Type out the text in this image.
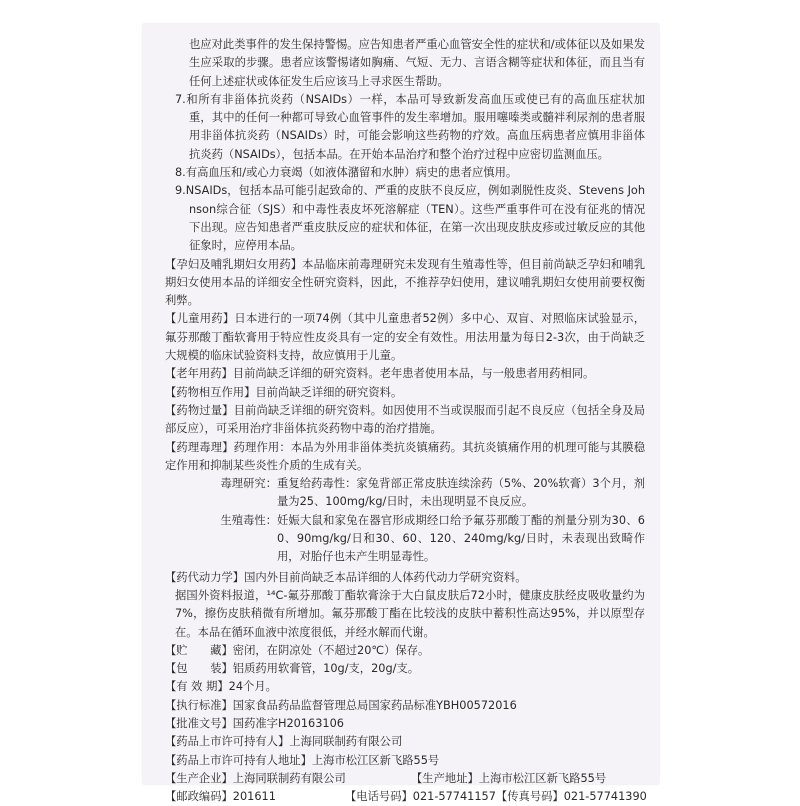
也应对此类事件的发生保持警惕。应告知患者严重心血管安全性的症状和/或体征以及如果发生应采取的步骤。患者应该警惕诸如胸痛、气短、无力、言语含糊等症状和体征，而且当有任何上述症状或体征发生后应该马上寻求医生帮助。

7.和所有非甾体抗炎药（NSAIDs）一样，本品可导致新发高血压或使已有的高血压症状加重，其中的任何一种都可导致心血管事件的发生率增加。服用噻嗪类或髓袢利尿剂的患者服用非甾体抗炎药（NSAIDs）时，可能会影响这些药物的疗效。高血压病患者应慎用非甾体抗炎药（NSAIDs），包括本品。在开始本品治疗和整个治疗过程中应密切监测血压。

8.有高血压和/或心力衰竭（如液体潴留和水肿）病史的患者应慎用。

9.NSAIDs，包括本品可能引起致命的、严重的皮肤不良反应，例如剥脱性皮炎、Stevens Johnson综合征（SJS）和中毒性表皮坏死溶解症（TEN）。这些严重事件可在没有征兆的情况下出现。应告知患者严重皮肤反应的症状和体征，在第一次出现皮肤皮疹或过敏反应的其他征象时，应停用本品。

【孕妇及哺乳期妇女用药】本品临床前毒理研究未发现有生殖毒性等，但目前尚缺乏孕妇和哺乳期妇女使用本品的详细安全性研究资料，因此，不推荐孕妇使用，建议哺乳期妇女使用前要权衡利弊。

【儿童用药】日本进行的一项74例（其中儿童患者52例）多中心、双盲、对照临床试验显示，氟芬那酸丁酯软膏用于特应性皮炎具有一定的安全有效性。用法用量为每日2-3次，由于尚缺乏大规模的临床试验资料支持，故应慎用于儿童。

【老年用药】目前尚缺乏详细的研究资料。老年患者使用本品，与一般患者用药相同。

【药物相互作用】目前尚缺乏详细的研究资料。

【药物过量】目前尚缺乏详细的研究资料。如因使用不当或误服而引起不良反应（包括全身及局部反应），可采用治疗非甾体抗炎药物中毒的治疗措施。

【药理毒理】药理作用：本品为外用非甾体类抗炎镇痛药。其抗炎镇痛作用的机理可能与其膜稳定作用和抑制某些炎性介质的生成有关。

毒理研究： 重复给药毒性：家兔背部正常皮肤连续涂药（5%、20%软膏）3个月，剂量为25、100mg/kg/日时，未出现明显不良反应。
生殖毒性： 妊娠大鼠和家兔在器官形成期经口给予氟芬那酸丁酯的剂量分别为30、60、90mg/kg/日和30、60、120、240mg/kg/日时，未表现出致畸作用，对胎仔也未产生明显毒性。

【药代动力学】国内外目前尚缺乏本品详细的人体药代动力学研究资料。

据国外资料报道，¹⁴C-氟芬那酸丁酯软膏涂于大白鼠皮肤后72小时，健康皮肤经皮吸收量约为7%，擦伤皮肤稍微有所增加。氟芬那酸丁酯在比较浅的皮肤中蓄积性高达95%，并以原型存在。本品在循环血液中浓度很低，并经水解而代谢。

【贮　　藏】密闭，在阴凉处（不超过20℃）保存。

【包　　装】铝质药用软膏管，10g/支，20g/支。

【有 效 期】24个月。

【执行标准】国家食品药品监督管理总局国家药品标准YBH00572016

【批准文号】国药准字H20163106

【药品上市许可持有人】上海同联制药有限公司

【药品上市许可持有人地址】上海市松江区新飞路55号

【生产企业】上海同联制药有限公司	【生产地址】上海市松江区新飞路55号
【邮政编码】201611	【电话号码】021-57741157 【传真号码】021-57741390
